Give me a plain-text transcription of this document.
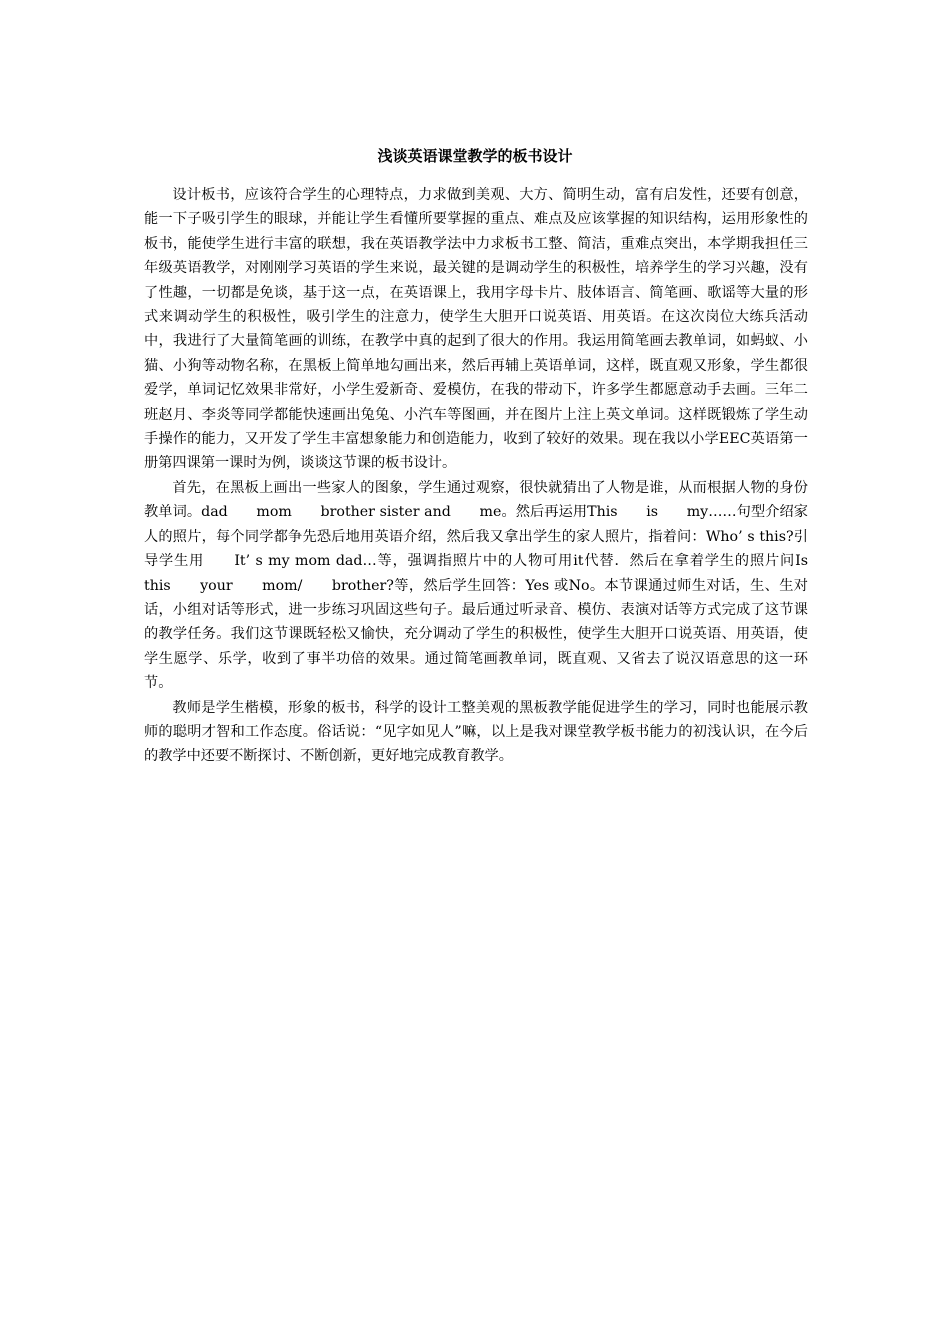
浅谈英语课堂教学的板书设计

设计板书，应该符合学生的心理特点，力求做到美观、大方、简明生动，富有启发性，还要有创意，能一下子吸引学生的眼球，并能让学生看懂所要掌握的重点、难点及应该掌握的知识结构，运用形象性的板书，能使学生进行丰富的联想，我在英语教学法中力求板书工整、简洁，重难点突出，本学期我担任三年级英语教学，对刚刚学习英语的学生来说，最关键的是调动学生的积极性，培养学生的学习兴趣，没有了性趣，一切都是免谈，基于这一点，在英语课上，我用字母卡片、肢体语言、简笔画、歌谣等大量的形式来调动学生的积极性，吸引学生的注意力，使学生大胆开口说英语、用英语。在这次岗位大练兵活动中，我进行了大量简笔画的训练，在教学中真的起到了很大的作用。我运用简笔画去教单词，如蚂蚁、小猫、小狗等动物名称，在黑板上简单地勾画出来，然后再辅上英语单词，这样，既直观又形象，学生都很爱学，单词记忆效果非常好，小学生爱新奇、爱模仿，在我的带动下，许多学生都愿意动手去画。三年二班赵月、李炎等同学都能快速画出兔兔、小汽车等图画，并在图片上注上英文单词。这样既锻炼了学生动手操作的能力，又开发了学生丰富想象能力和创造能力，收到了较好的效果。现在我以小学EEC英语第一册第四课第一课时为例，谈谈这节课的板书设计。

首先，在黑板上画出一些家人的图象，学生通过观察，很快就猜出了人物是谁，从而根据人物的身份教单词。dad　　mom　　brother sister and　　me。然后再运用This　　is　　my……句型介绍家人的照片，每个同学都争先恐后地用英语介绍，然后我又拿出学生的家人照片，指着问：Who’ s this?引导学生用　　It’ s my mom dad…等，强调指照片中的人物可用it代替．然后在拿着学生的照片问Is　　this　　your　　mom/　　brother?等，然后学生回答：Yes 或No。本节课通过师生对话，生、生对话，小组对话等形式，进一步练习巩固这些句子。最后通过听录音、模仿、表演对话等方式完成了这节课的教学任务。我们这节课既轻松又愉快，充分调动了学生的积极性，使学生大胆开口说英语、用英语，使学生愿学、乐学，收到了事半功倍的效果。通过简笔画教单词，既直观、又省去了说汉语意思的这一环节。

教师是学生楷模，形象的板书，科学的设计工整美观的黑板教学能促进学生的学习，同时也能展示教师的聪明才智和工作态度。俗话说：“见字如见人”嘛，以上是我对课堂教学板书能力的初浅认识，在今后的教学中还要不断探讨、不断创新，更好地完成教育教学。
